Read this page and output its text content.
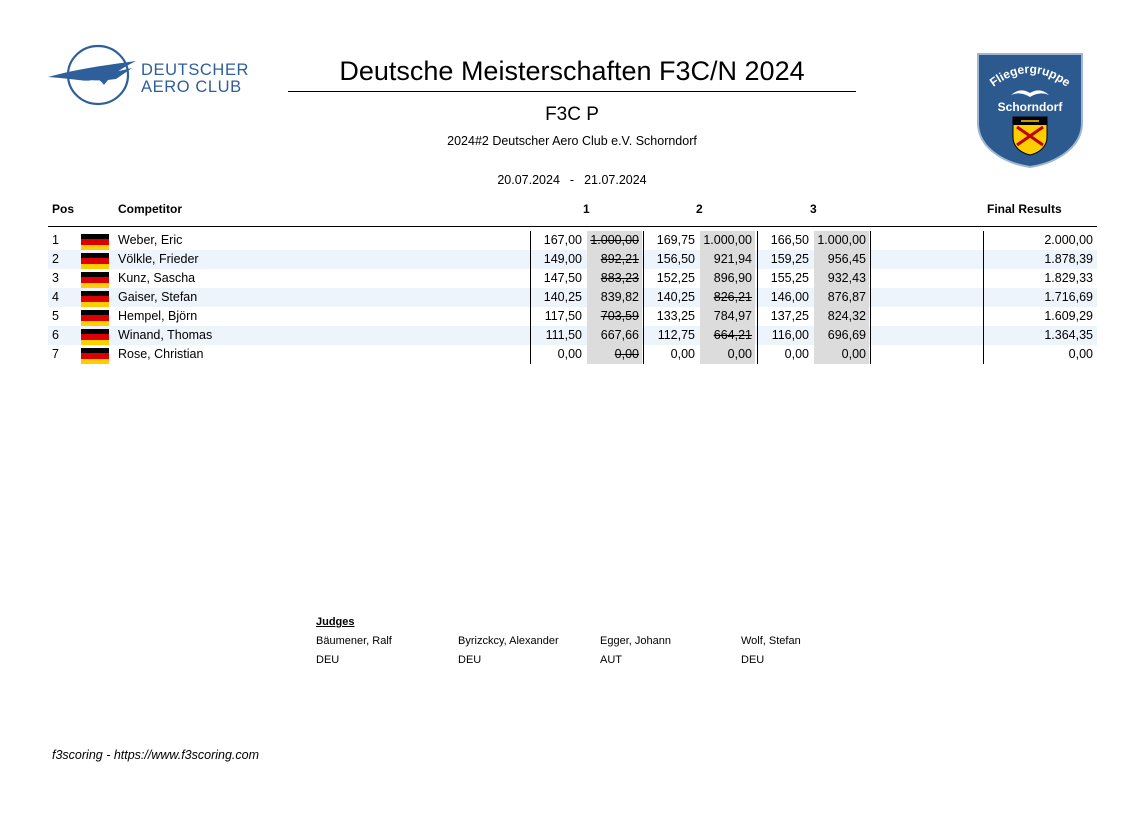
DEUTSCHER
AERO CLUB
Deutsche Meisterschaften F3C/N 2024
F3C P
2024#2 Deutscher Aero Club e.V. Schorndorf
20.07.2024 - 21.07.2024
Fliegergruppe
Schorndorf
Pos	Competitor	1	2	3	Final Results
1	Weber, Eric	167,00 1.000,00	169,75 1.000,00	166,50 1.000,00	2.000,00
2	Völkle, Frieder	149,00	892,21	156,50	921,94	159,25	956,45	1.878,39
3	Kunz, Sascha	147,50	883,23	152,25	896,90	155,25	932,43	1.829,33
4	Gaiser, Stefan	140,25	839,82	140,25	826,21	146,00	876,87	1.716,69
5	Hempel, Björn	117,50	703,59	133,25	784,97	137,25	824,32	1.609,29
6	Winand, Thomas	111,50	667,66	112,75	664,21	116,00	696,69	1.364,35
7	Rose, Christian	0,00	0,00	0,00	0,00	0,00	0,00	0,00
Judges
Bäumener, Ralf
DEU
Byrizckcy, Alexander
DEU
Egger, Johann
AUT
Wolf, Stefan
DEU
f3scoring - https://www.f3scoring.com
